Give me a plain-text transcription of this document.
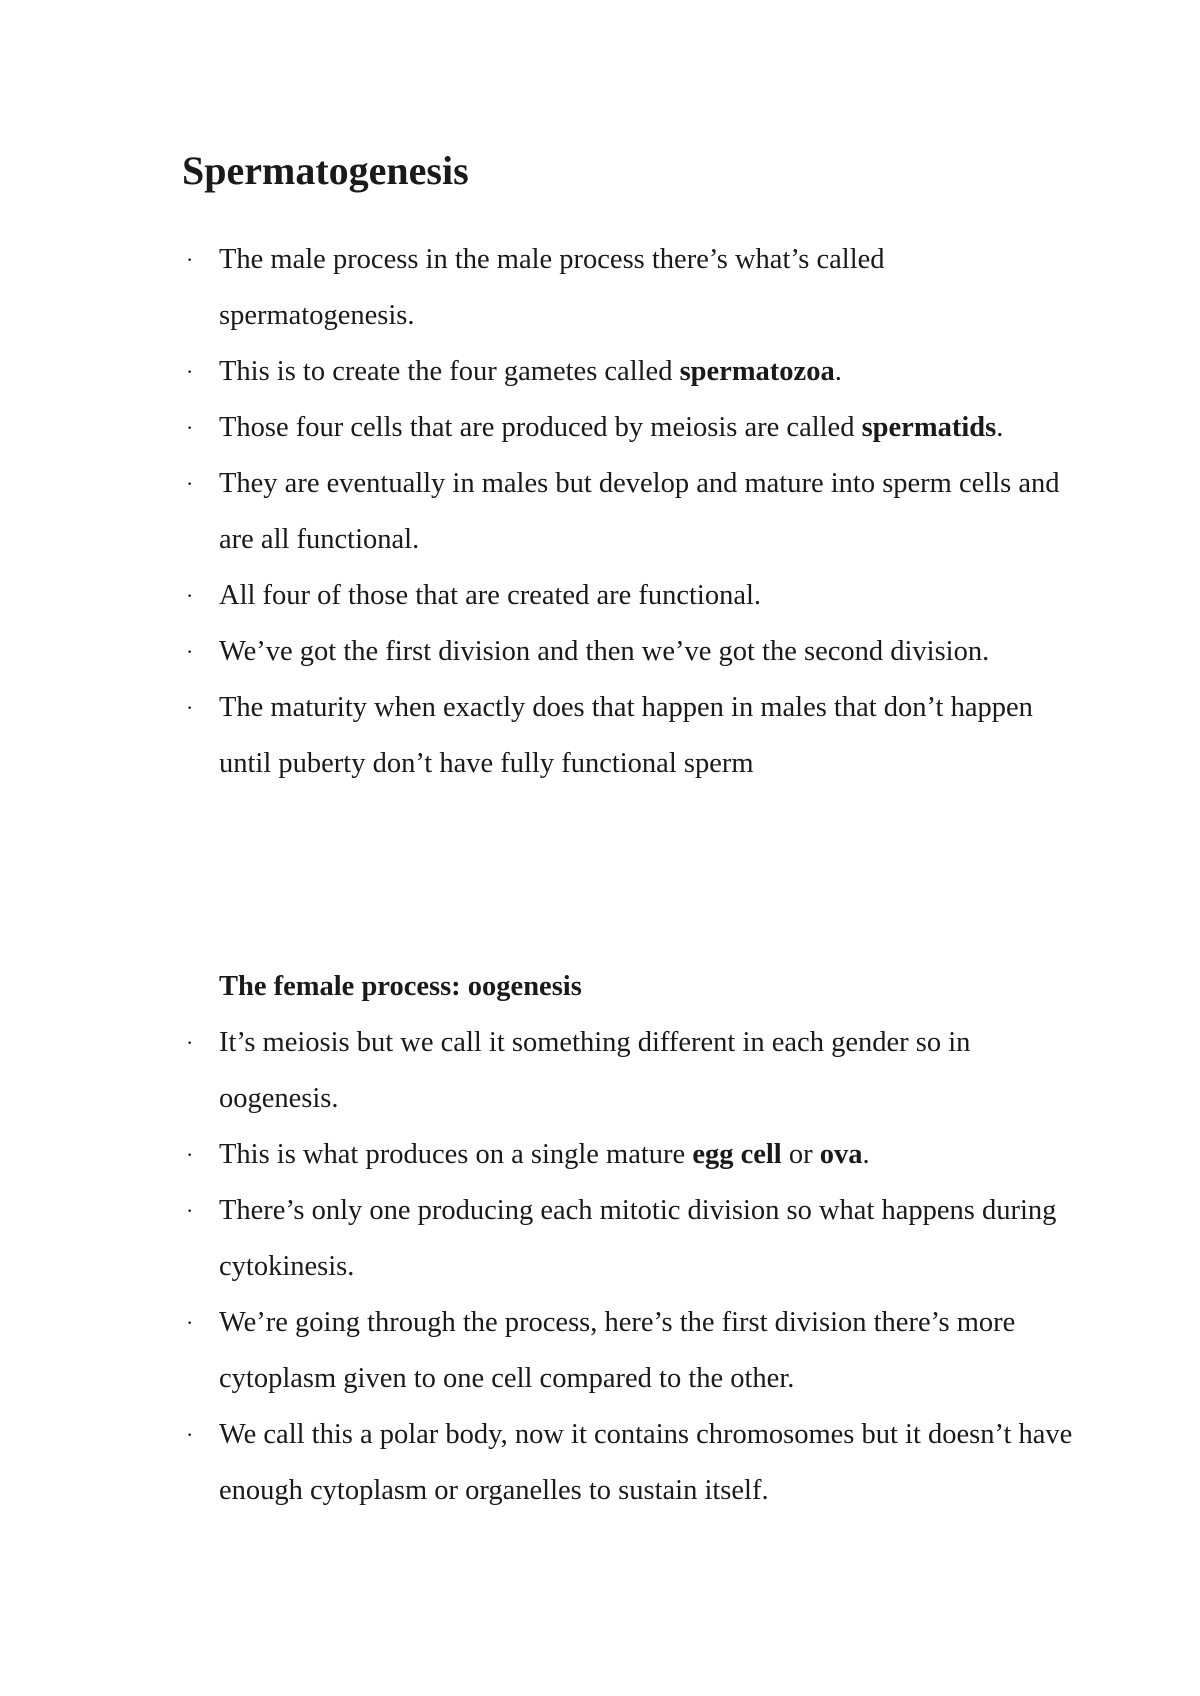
Spermatogenesis
· The male process in the male process there’s what’s called spermatogenesis.
· This is to create the four gametes called spermatozoa.
· Those four cells that are produced by meiosis are called spermatids.
· They are eventually in males but develop and mature into sperm cells and are all functional.
· All four of those that are created are functional.
· We’ve got the first division and then we’ve got the second division.
· The maturity when exactly does that happen in males that don’t happen until puberty don’t have fully functional sperm

The female process: oogenesis

· It’s meiosis but we call it something different in each gender so in oogenesis.
· This is what produces on a single mature egg cell or ova.
· There’s only one producing each mitotic division so what happens during cytokinesis.
· We’re going through the process, here’s the first division there’s more cytoplasm given to one cell compared to the other.
· We call this a polar body, now it contains chromosomes but it doesn’t have enough cytoplasm or organelles to sustain itself.
